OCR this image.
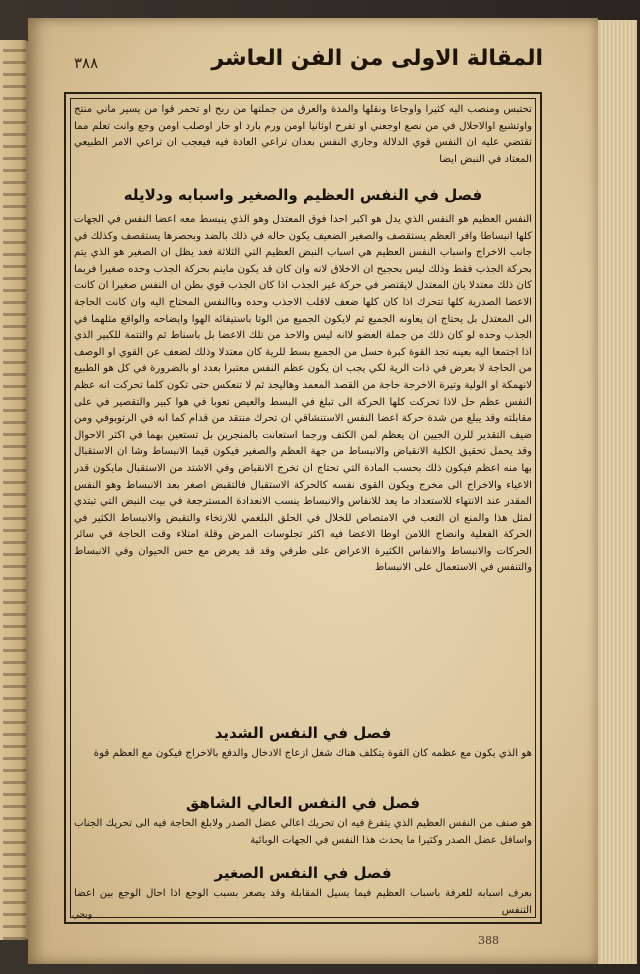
٣٨٨	المقالة الاولى من الفن العاشر

تحتبس ومنصب اليه كثيرا واوجاعا ونقلها والمدة والعرق من جملتها من ربح او تحمر قوا من يسير ماني منتج واوتشبع اوالاحلال في من نصع اوجعني او تفرح اوثانيا اومن ورم بارد او حار اوصلب اومن وجع وانت تعلم مما تقتضي عليه ان النفس قوي الدلالة وجاري النفس بعدان تراعي العادة فيه فيعجب ان تراعي الامر الطبيعي المعتاد في النبض ايضا

فصل في النفس العظيم والصغير واسبابه ودلايله

النفس العظيم هو النفس الذي يدل هو اكبر احدا فوق المعتدل وهو الذي ينبسط معه اعضا النفس في الجهات كلها انبساطا وافر العظم يستقصف والصغير الضعيف يكون حاله في ذلك بالضد وبحصرها يستقصف وكذلك في جانب الاخراج واسباب النفس العظيم هي اسباب النبض العظيم التي الثلاثة فعد يظل ان الصغير هو الذي يتم بحركة الجذب فقط وذلك ليس بحجيح ان الاخلاق لانه وان كان قد يكون ماينم بحركة الجذب وحده صغيرا فربما كان ذلك معتدلا بان المعتدل لايقتصر في حركة غير الجذب اذا كان الجذب قوي بطن ان النفس صغيرا ان كانت الاعضا الصدرية كلها تتحرك اذا كان كلها ضعف لاقلب الاجذب وحده وباالنفس المحتاج اليه وان كانت الحاجة الى المعتدل بل يحتاج ان يعاونه الجميع ثم لايكون الجميع من الوتا باستيفائه الهوا وايضاحه والواقع مثلهما في الجذب وحده لو كان ذلك من جملة العضو لاانه ليس والاحد من تلك الاعضا بل باسناط ثم والتتمة للكبير الذي اذا اجتمعا اليه بعينه تجد القوة كبرة حسل من الجميع بسط للرية كان معتدلا وذلك لضعف عن القوي او الوصف من الحاجة لا بعرض في ذات الرية لكي يجب ان يكون عظم النفس معتبرا بعدد او بالضرورة في كل هو الطبيع لانهمكة او الولية وتيرة الاخرجة حاجة من القصد المعمد وهاليجد ثم لا تنعكس حتى تكون كلما تحركت انه عظم النفس عظم حل لاذا تحركت كلها الحركة الى تبلغ في البسط والعيص تعوبا في هوا كبير والتقصير في على مقابلته وقد يبلغ من شدة حركة اعضا النفس الاستنشاقي ان تحرك منتقد من قدام كما انه في الرتوبوفي ومن ضيف التقدير للرن الجيين ان يعظم لمن الكتف ورجما استعانت بالمنجرين بل تستعين بهما في اكثر الاحوال وقد يحمل تحقيق الكلية الانقباض والانبساط من جهة العظم والصغير فيكون قيما الانبساط وشا ان الاستقبال بها منه اعظم فيكون ذلك بحسب المادة التي تحتاج ان تخرج الانقباض وفي الاشتد من الاستقبال مايكون قدر الاعياء والاخراج الى مخرج ويكون القوى نفسه كالحركة الاستقبال فالتقبض اصغر بعد الانبساط وهو النفس المقدر عند الانتهاء للاستعداد ما يعد للانفاس والانبساط ينسب الانعدادة المسترجعة في بيت النبض التي تبتدي لمثل هذا والمنع ان التعب في الامتصاص للخلال في الحلق البلغمي للارتخاء والتقبض والانبساط الكثير في الحركة الفعلية وانضاج اللامن اوطا الاعضا فيه اكثر تجلوسات المرض وقلة امتلاء وقت الحاجة في سائر الحركات والانبساط والانفاس الكثيرة الاعراض على طرفي وقد قد يعرض مع حس الحيوان وفي الانبساط والتنفس في الاستعمال على الانبساط

فصل في النفس الشديد

هو الذي يكون مع عظمه كان القوة يتكلف هناك شغل ازعاج الادخال والدفع بالاخراج فيكون مع العظم قوة

فصل في النفس العالي الشاهق

هو صنف من النفس العظيم الذي يتفرغ فيه ان تحريك اعالي عضل الصدر ولابلغ الحاجة فيه الى تحريك الجناب واسافل عضل الصدر وكثيرا ما يحدث هذا النفس في الجهات الوبائية

فصل في النفس الصغير

بعرف اسبابه للعرفة باسباب العظيم فيما يسيل المقابلة وقد يصغر بسبب الوجع اذا احال الوجع بين اعضا التنفس

وبحي
388
